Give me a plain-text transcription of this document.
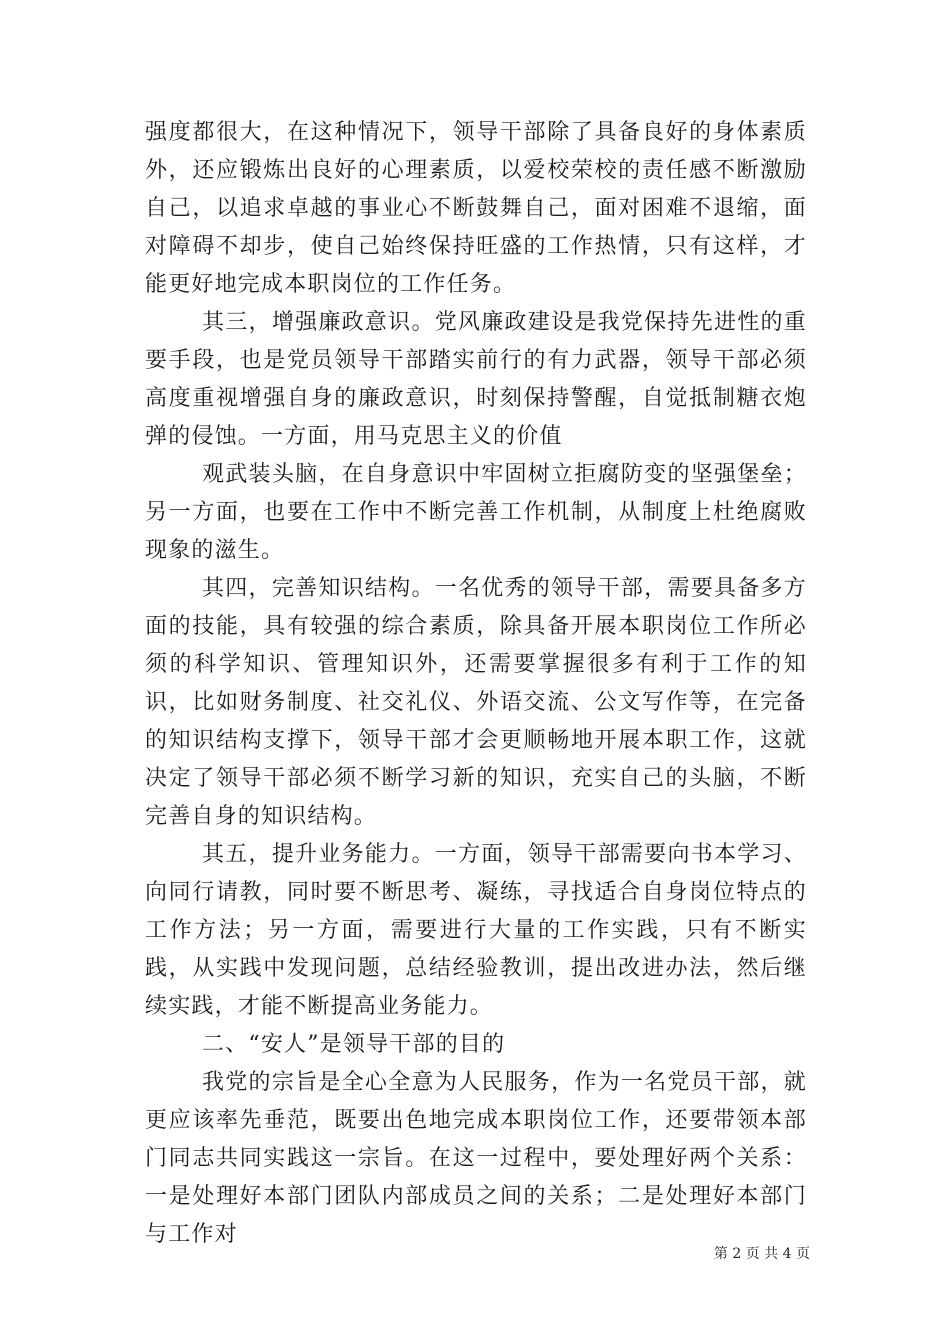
强度都很大，在这种情况下，领导干部除了具备良好的身体素质外，还应锻炼出良好的心理素质，以爱校荣校的责任感不断激励自己，以追求卓越的事业心不断鼓舞自己，面对困难不退缩，面对障碍不却步，使自己始终保持旺盛的工作热情，只有这样，才能更好地完成本职岗位的工作任务。

其三，增强廉政意识。党风廉政建设是我党保持先进性的重要手段，也是党员领导干部踏实前行的有力武器，领导干部必须高度重视增强自身的廉政意识，时刻保持警醒，自觉抵制糖衣炮弹的侵蚀。一方面，用马克思主义的价值

观武装头脑，在自身意识中牢固树立拒腐防变的坚强堡垒；另一方面，也要在工作中不断完善工作机制，从制度上杜绝腐败现象的滋生。

其四，完善知识结构。一名优秀的领导干部，需要具备多方面的技能，具有较强的综合素质，除具备开展本职岗位工作所必须的科学知识、管理知识外，还需要掌握很多有利于工作的知识，比如财务制度、社交礼仪、外语交流、公文写作等，在完备的知识结构支撑下，领导干部才会更顺畅地开展本职工作，这就决定了领导干部必须不断学习新的知识，充实自己的头脑，不断完善自身的知识结构。

其五，提升业务能力。一方面，领导干部需要向书本学习、向同行请教，同时要不断思考、凝练，寻找适合自身岗位特点的工作方法；另一方面，需要进行大量的工作实践，只有不断实践，从实践中发现问题，总结经验教训，提出改进办法，然后继续实践，才能不断提高业务能力。

二、“安人”是领导干部的目的

我党的宗旨是全心全意为人民服务，作为一名党员干部，就更应该率先垂范，既要出色地完成本职岗位工作，还要带领本部门同志共同实践这一宗旨。在这一过程中，要处理好两个关系：一是处理好本部门团队内部成员之间的关系；二是处理好本部门与工作对

第 2 页 共 4 页
